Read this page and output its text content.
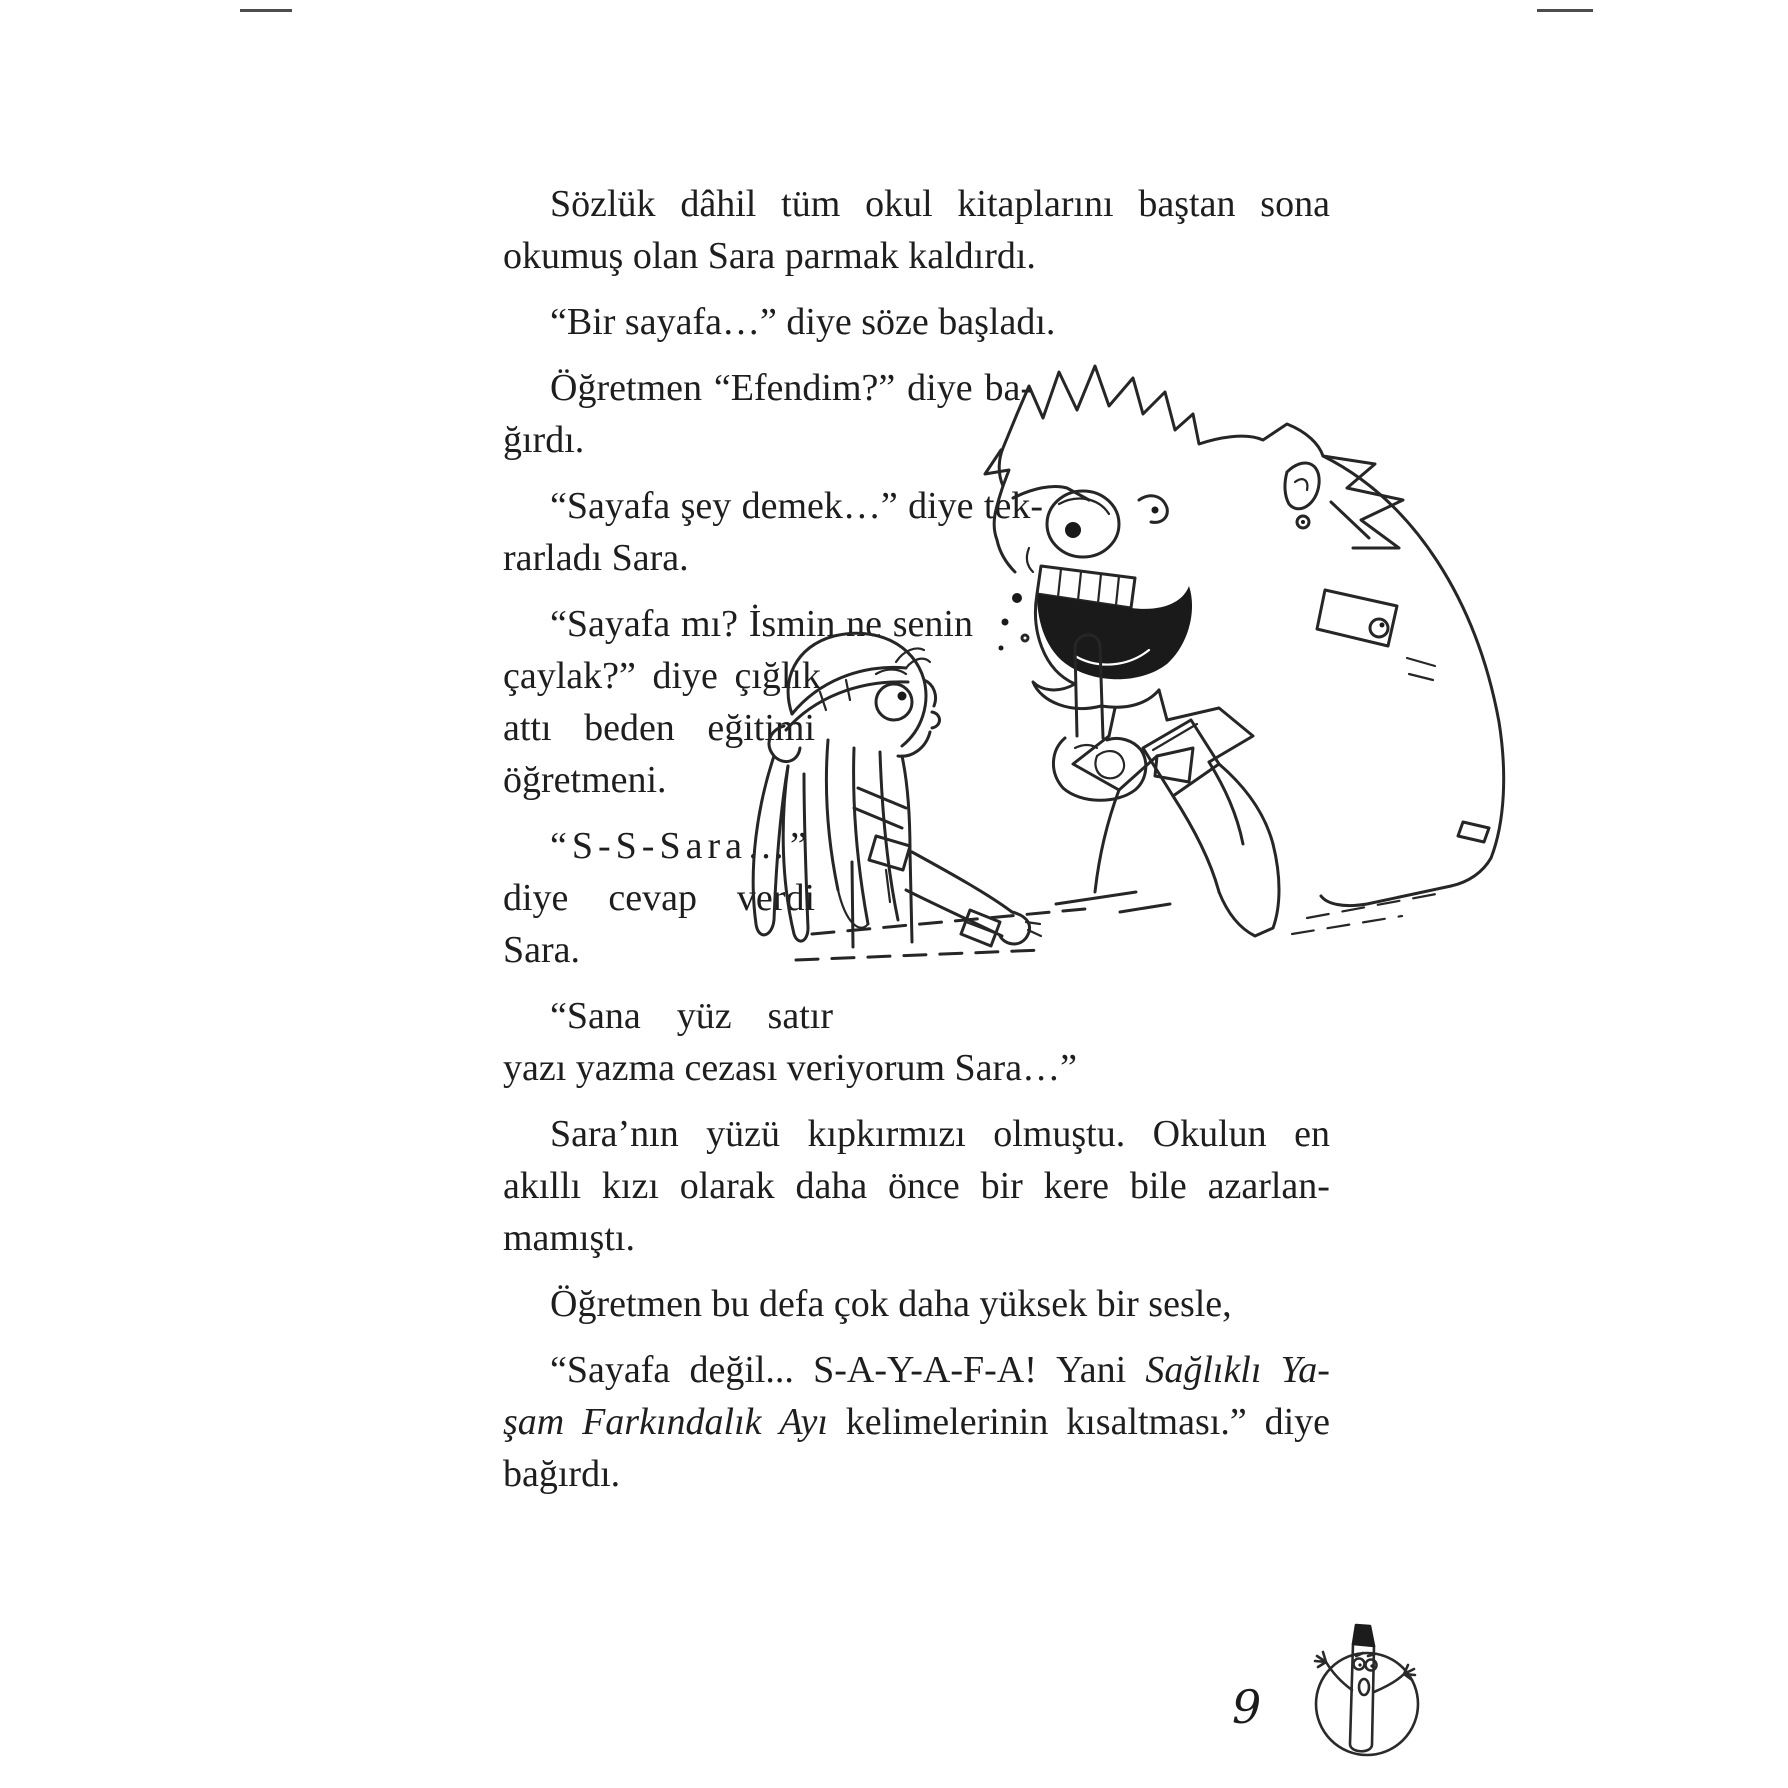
Sözlük dâhil tüm okul kitaplarını baştan sona
okumuş olan Sara parmak kaldırdı.
“Bir sayafa…” diye söze başladı.
Öğretmen “Efendim?” diye ba-
ğırdı.
“Sayafa şey demek…” diye tek-
rarladı Sara.
“Sayafa mı? İsmin ne senin
çaylak?” diye çığlık
attı beden eğitimi
öğretmeni.
“S-S-Sara…”
diye cevap verdi
Sara.
“Sana yüz satır
yazı yazma cezası veriyorum Sara…”
Sara’nın yüzü kıpkırmızı olmuştu. Okulun en
akıllı kızı olarak daha önce bir kere bile azarlan-
mamıştı.
Öğretmen bu defa çok daha yüksek bir sesle,
“Sayafa değil... S-A-Y-A-F-A! Yani Sağlıklı Ya-
şam Farkındalık Ayı kelimelerinin kısaltması.” diye
bağırdı.
9
